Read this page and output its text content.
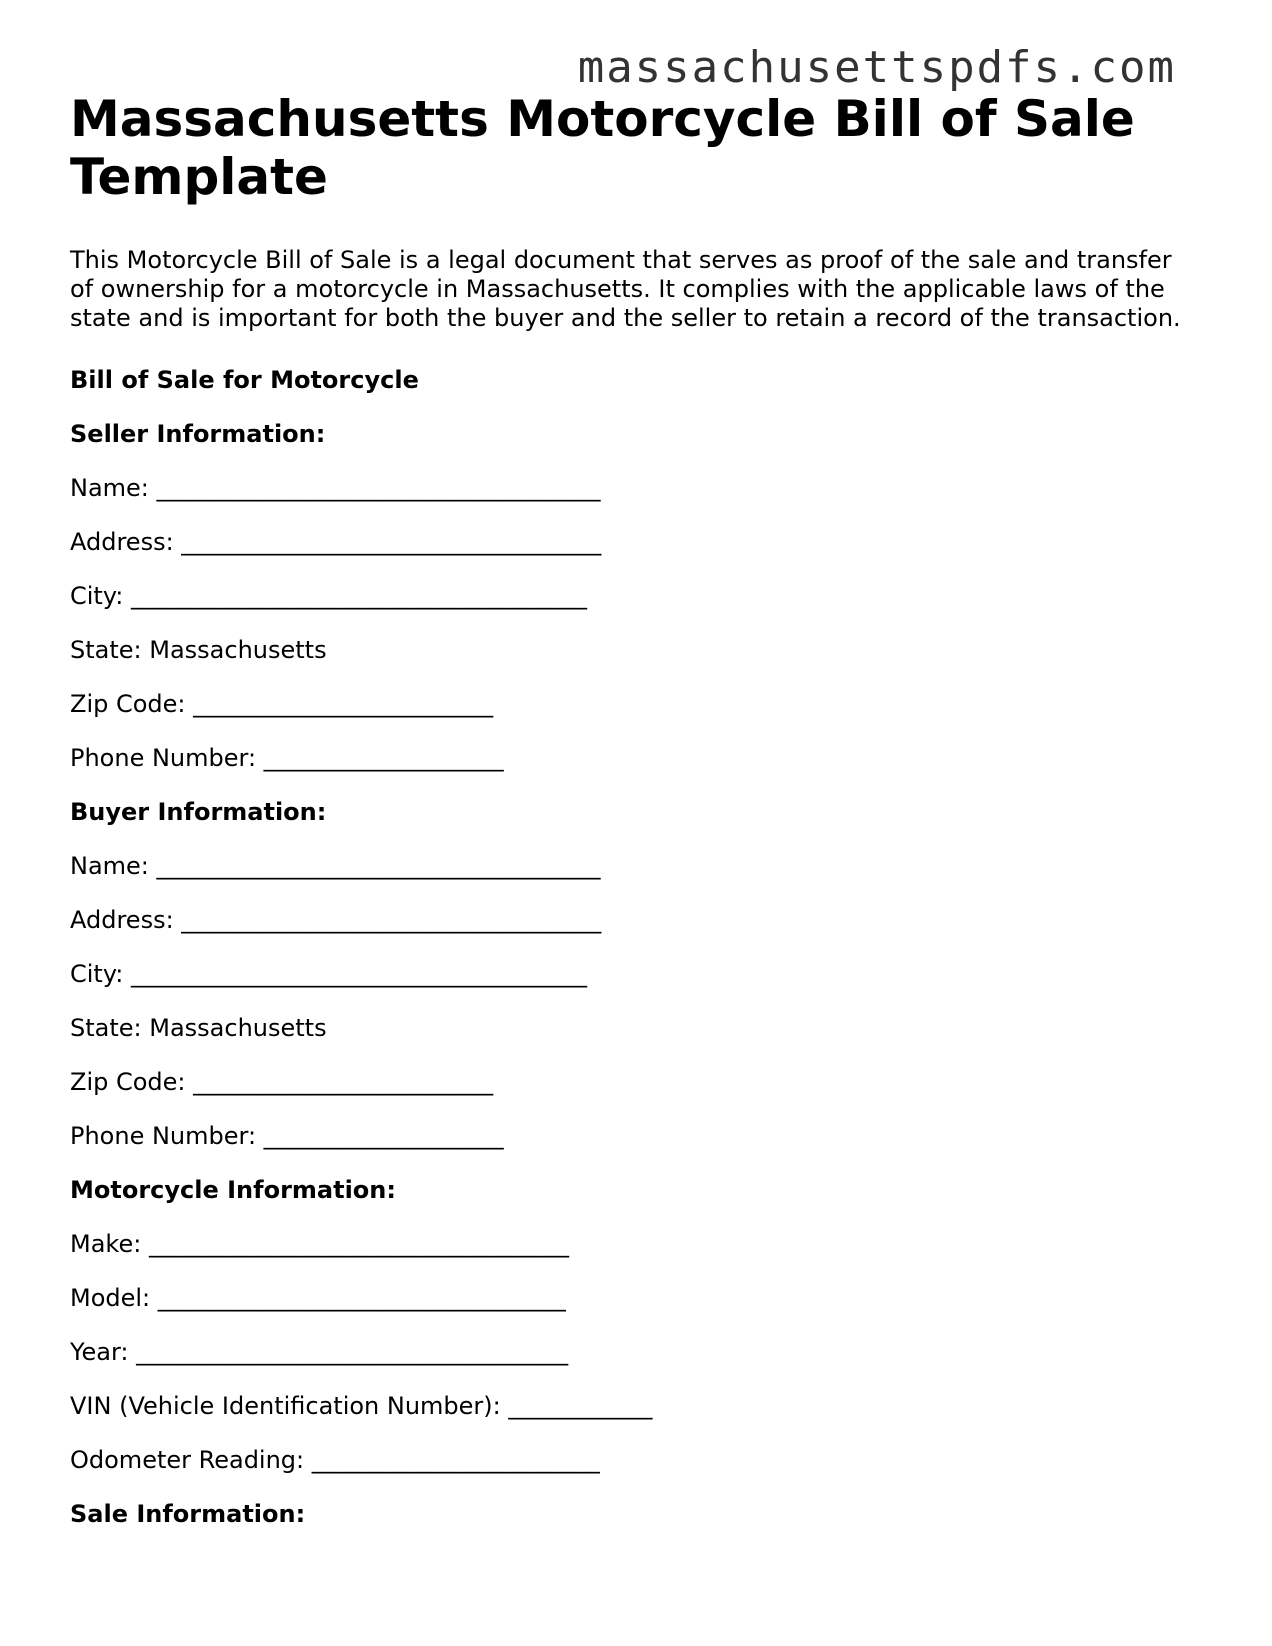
massachusettspdfs.com
Massachusetts Motorcycle Bill of Sale Template

This Motorcycle Bill of Sale is a legal document that serves as proof of the sale and transfer of ownership for a motorcycle in Massachusetts. It complies with the applicable laws of the state and is important for both the buyer and the seller to retain a record of the transaction.

Bill of Sale for Motorcycle

Seller Information:

Name: _____________________________________

Address: ___________________________________

City: ______________________________________

State: Massachusetts

Zip Code: _________________________

Phone Number: ____________________

Buyer Information:

Name: _____________________________________

Address: ___________________________________

City: ______________________________________

State: Massachusetts

Zip Code: _________________________

Phone Number: ____________________

Motorcycle Information:

Make: ___________________________________

Model: __________________________________

Year: ____________________________________

VIN (Vehicle Identification Number): ____________

Odometer Reading: ________________________

Sale Information:
